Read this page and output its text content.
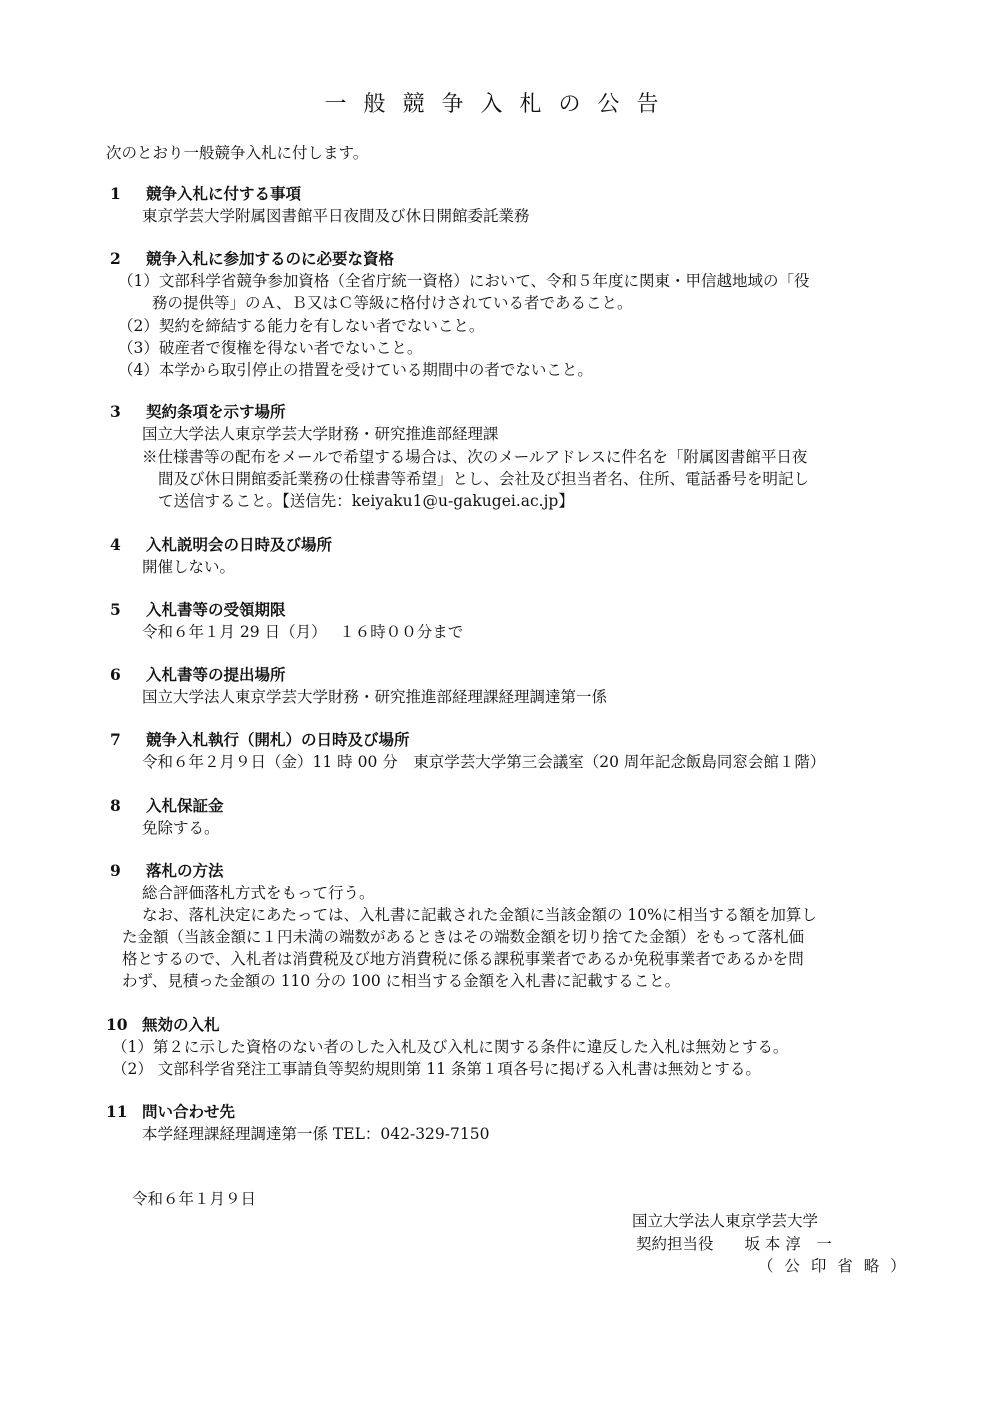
一般競争入札の公告
次のとおり一般競争入札に付します。
1 競争入札に付する事項
東京学芸大学附属図書館平日夜間及び休日開館委託業務
2 競争入札に参加するのに必要な資格
（1）文部科学省競争参加資格（全省庁統一資格）において、令和５年度に関東・甲信越地域の「役
務の提供等」のＡ、Ｂ又はＣ等級に格付けされている者であること。
（2）契約を締結する能力を有しない者でないこと。
（3）破産者で復権を得ない者でないこと。
（4）本学から取引停止の措置を受けている期間中の者でないこと。
3 契約条項を示す場所
国立大学法人東京学芸大学財務・研究推進部経理課
※仕様書等の配布をメールで希望する場合は、次のメールアドレスに件名を「附属図書館平日夜
間及び休日開館委託業務の仕様書等希望」とし、会社及び担当者名、住所、電話番号を明記し
て送信すること。【送信先：keiyaku1@u-gakugei.ac.jp】
4 入札説明会の日時及び場所
開催しない。
5 入札書等の受領期限
令和６年１月 29 日（月）　 １６時００分まで
6 入札書等の提出場所
国立大学法人東京学芸大学財務・研究推進部経理課経理調達第一係
7 競争入札執行（開札）の日時及び場所
令和６年２月９日（金）11 時 00 分　東京学芸大学第三会議室（20 周年記念飯島同窓会館１階）
8 入札保証金
免除する。
9 落札の方法
総合評価落札方式をもって行う。
なお、落札決定にあたっては、入札書に記載された金額に当該金額の 10%に相当する額を加算し
た金額（当該金額に１円未満の端数があるときはその端数金額を切り捨てた金額）をもって落札価
格とするので、入札者は消費税及び地方消費税に係る課税事業者であるか免税事業者であるかを問
わず、見積った金額の 110 分の 100 に相当する金額を入札書に記載すること。
10 無効の入札
（1）第２に示した資格のない者のした入札及び入札に関する条件に違反した入札は無効とする。
（2） 文部科学省発注工事請負等契約規則第 11 条第１項各号に掲げる入札書は無効とする。
11 問い合わせ先
本学経理課経理調達第一係 TEL：042-329-7150
令和６年１月９日
国立大学法人東京学芸大学
契約担当役　　坂 本 淳　一
（ 公 印 省 略 ）
